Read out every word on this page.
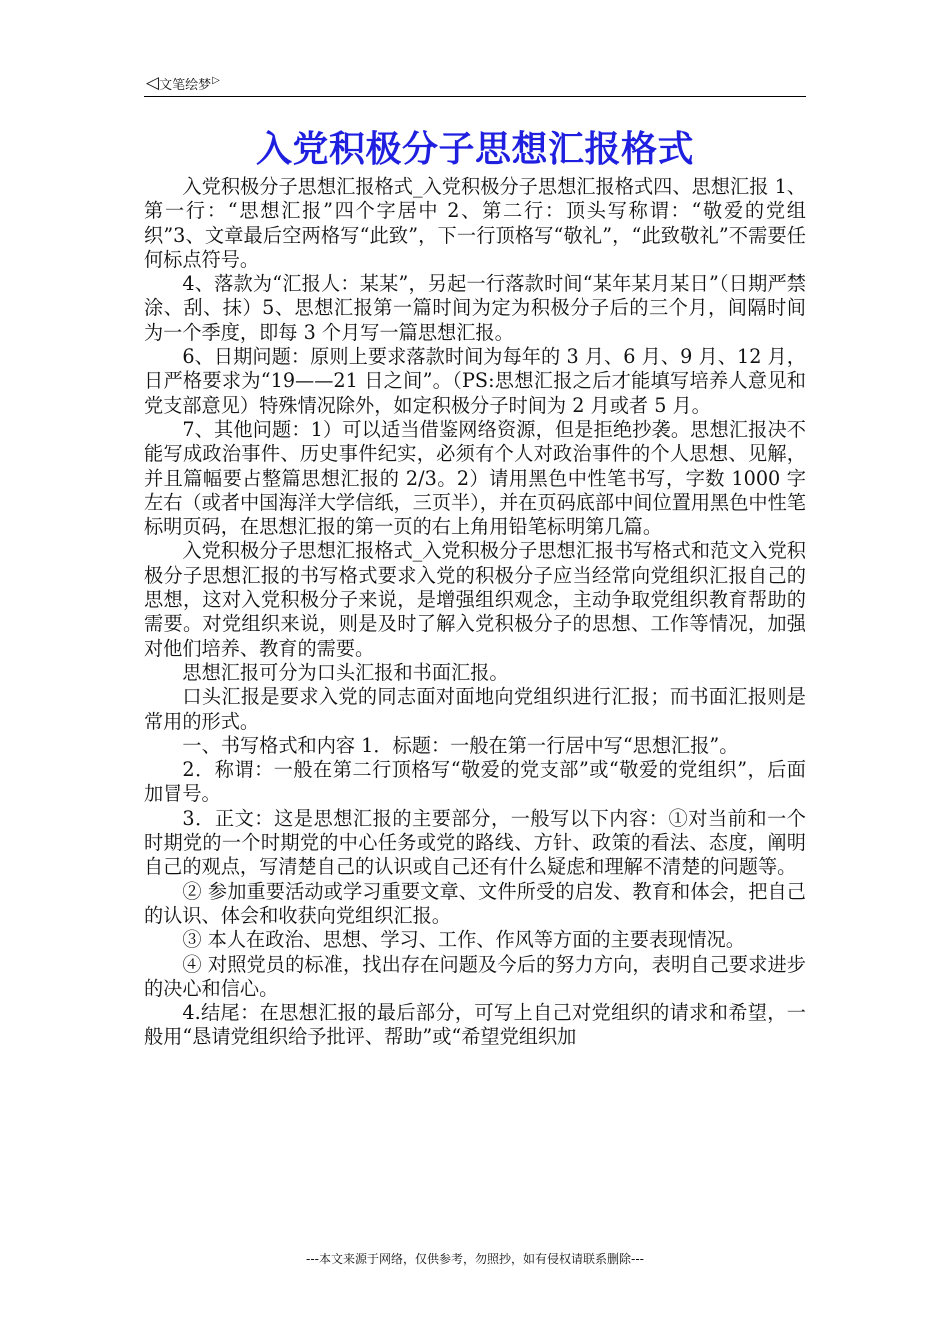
◁ 文笔绘梦 ▷
入党积极分子思想汇报格式

入党积极分子思想汇报格式_入党积极分子思想汇报格式四、思想汇报 1、第一行：“思想汇报”四个字居中 2、第二行：顶头写称谓：“敬爱的党组织”3、文章最后空两格写“此致”，下一行顶格写“敬礼”，“此致敬礼”不需要任何标点符号。

4、落款为“汇报人：某某”，另起一行落款时间“某年某月某日”（日期严禁涂、刮、抹）5、思想汇报第一篇时间为定为积极分子后的三个月，间隔时间为一个季度，即每 3 个月写一篇思想汇报。

6、日期问题：原则上要求落款时间为每年的 3 月、6 月、9 月、12 月，日严格要求为“19——21 日之间”。（PS:思想汇报之后才能填写培养人意见和党支部意见）特殊情况除外，如定积极分子时间为 2 月或者 5 月。

7、其他问题：1）可以适当借鉴网络资源，但是拒绝抄袭。思想汇报决不能写成政治事件、历史事件纪实，必须有个人对政治事件的个人思想、见解，并且篇幅要占整篇思想汇报的 2/3。2）请用黑色中性笔书写，字数 1000 字左右（或者中国海洋大学信纸，三页半），并在页码底部中间位置用黑色中性笔标明页码，在思想汇报的第一页的右上角用铅笔标明第几篇。

入党积极分子思想汇报格式_入党积极分子思想汇报书写格式和范文入党积极分子思想汇报的书写格式要求入党的积极分子应当经常向党组织汇报自己的思想，这对入党积极分子来说，是增强组织观念，主动争取党组织教育帮助的需要。对党组织来说，则是及时了解入党积极分子的思想、工作等情况，加强对他们培养、教育的需要。

思想汇报可分为口头汇报和书面汇报。

口头汇报是要求入党的同志面对面地向党组织进行汇报；而书面汇报则是常用的形式。

一、书写格式和内容 1．标题：一般在第一行居中写“思想汇报”。

2．称谓：一般在第二行顶格写“敬爱的党支部”或“敬爱的党组织”，后面加冒号。

3．正文：这是思想汇报的主要部分，一般写以下内容：①对当前和一个时期党的一个时期党的中心任务或党的路线、方针、政策的看法、态度，阐明自己的观点，写清楚自己的认识或自己还有什么疑虑和理解不清楚的问题等。

② 参加重要活动或学习重要文章、文件所受的启发、教育和体会，把自己的认识、体会和收获向党组织汇报。

③ 本人在政治、思想、学习、工作、作风等方面的主要表现情况。

④ 对照党员的标准，找出存在问题及今后的努力方向，表明自己要求进步的决心和信心。

4.结尾：在思想汇报的最后部分，可写上自己对党组织的请求和希望，一般用“恳请党组织给予批评、帮助”或“希望党组织加

---本文来源于网络，仅供参考，勿照抄，如有侵权请联系删除---
